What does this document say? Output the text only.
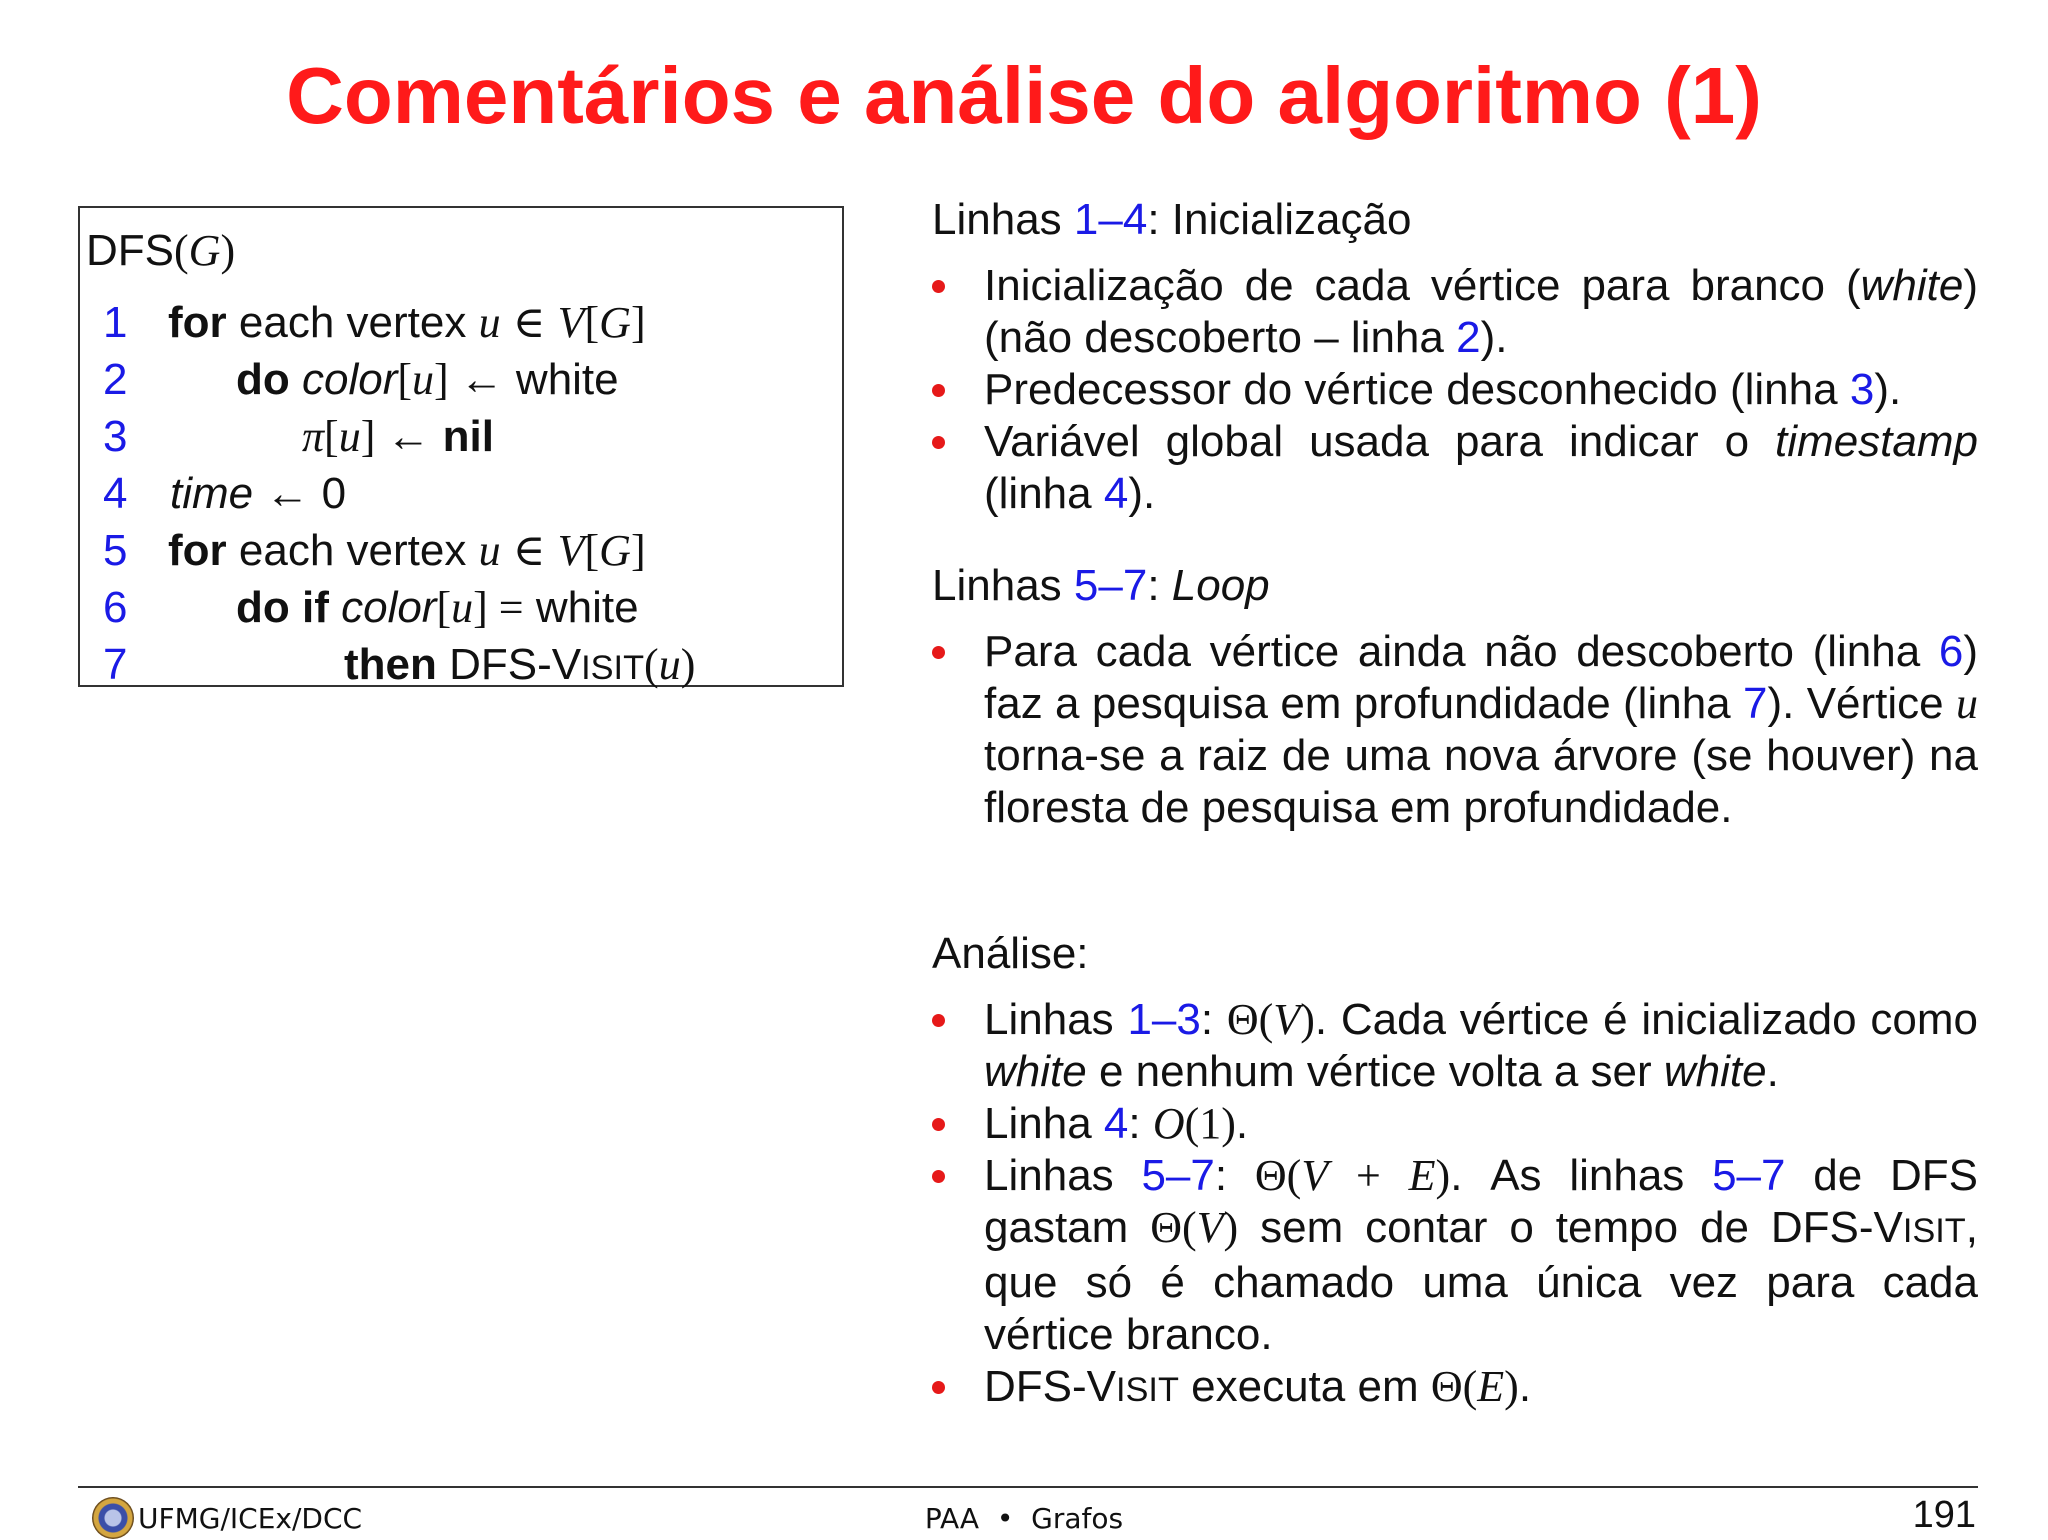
Comentários e análise do algoritmo (1)
DFS(G)
1 for each vertex u ∈ V[G]
2 do color[u] ← white
3	π[u] ← nil
4 time ← 0
5 for each vertex u ∈ V[G]
6 do if color[u] = white
7	then DFS-VISIT(u)
Linhas 1–4: Inicialização
Inicialização de cada vértice para branco (white) (não descoberto – linha 2).
Predecessor do vértice desconhecido (linha 3).
Variável global usada para indicar o timestamp (linha 4).
Linhas 5–7: Loop
Para cada vértice ainda não descoberto (linha 6) faz a pesquisa em profundidade (linha 7). Vértice u torna-se a raiz de uma nova árvore (se houver) na floresta de pesquisa em profundidade.
Análise:
Linhas 1–3: Θ(V). Cada vértice é inicializado como white e nenhum vértice volta a ser white.
Linha 4: O(1).
Linhas 5–7: Θ(V + E). As linhas 5–7 de DFS gastam Θ(V) sem contar o tempo de DFS-VISIT, que só é chamado uma única vez para cada vértice branco.
DFS-VISIT executa em Θ(E).
UFMG/ICEx/DCC	PAA  •  Grafos	191
